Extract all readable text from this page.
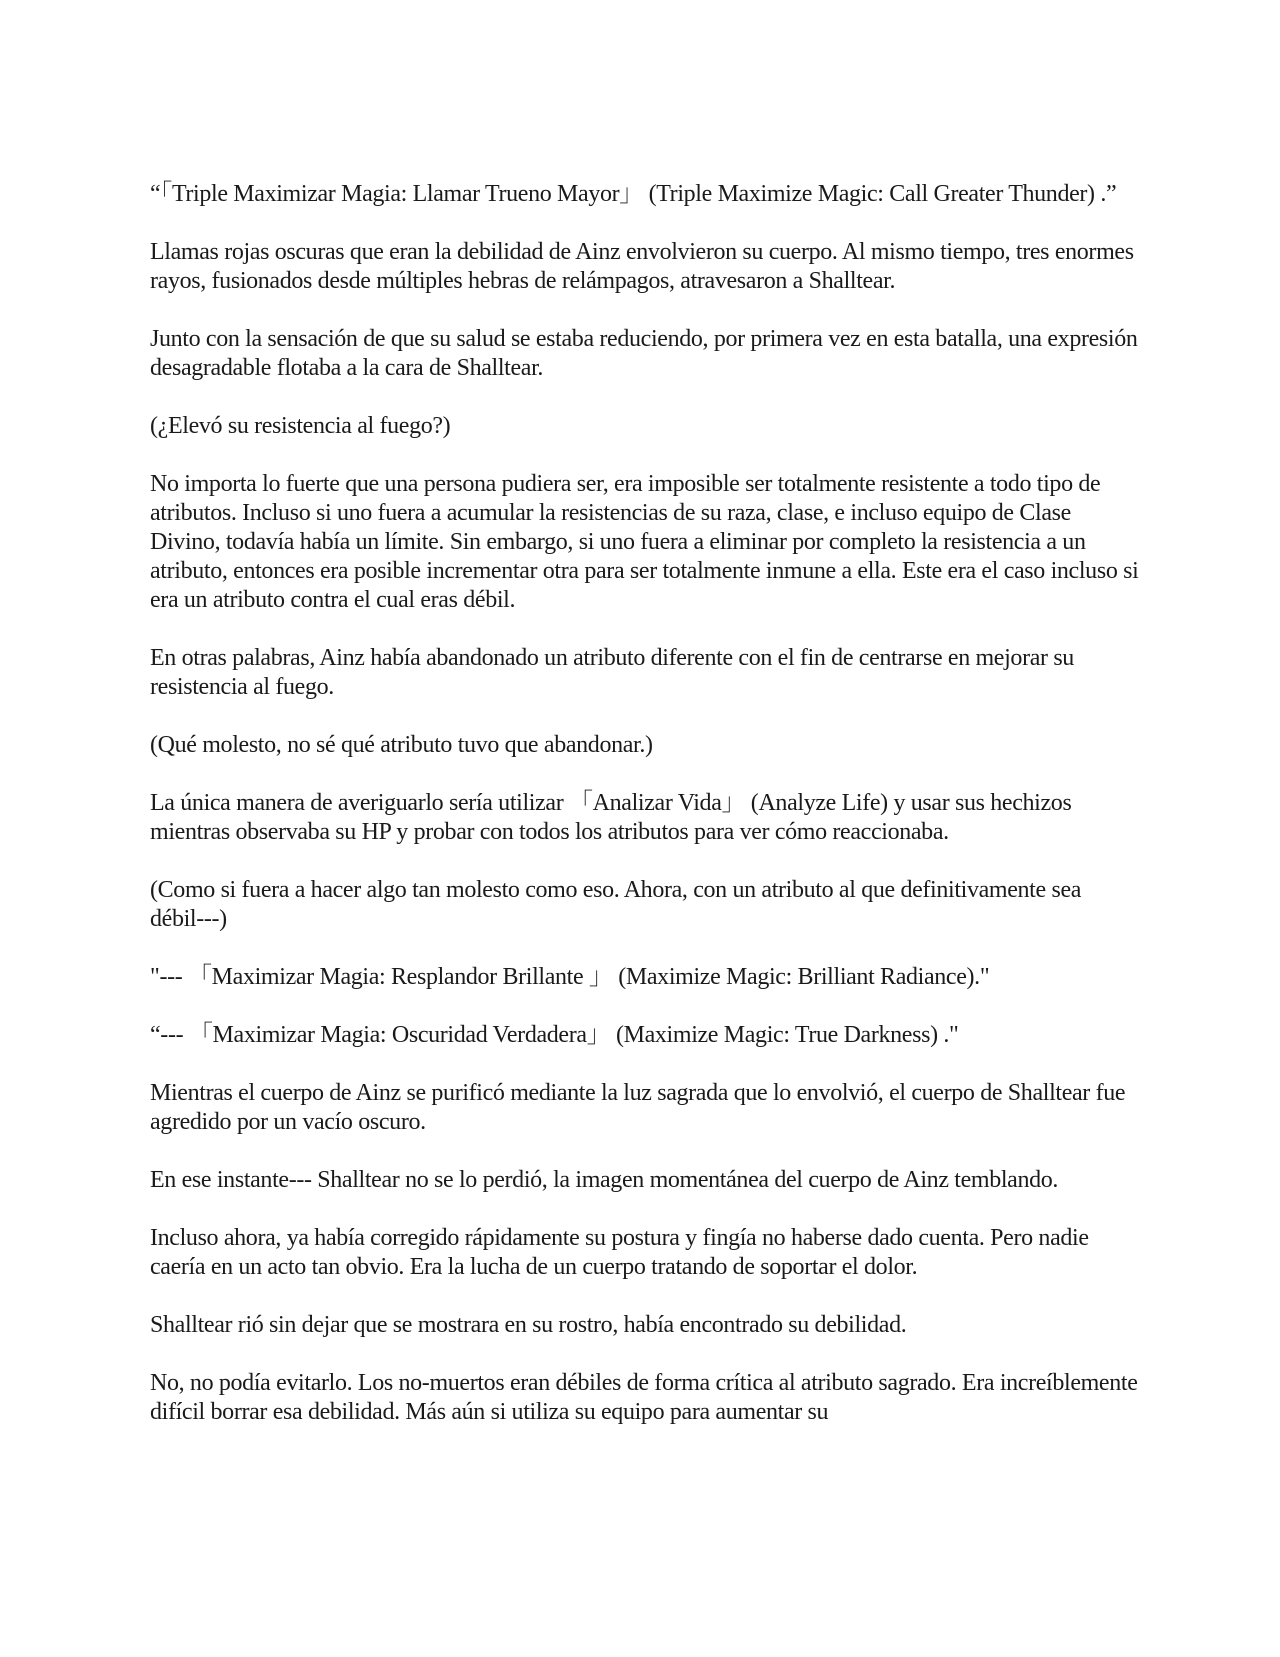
“「Triple Maximizar Magia: Llamar Trueno Mayor」 (Triple Maximize Magic: Call Greater Thunder) .”

Llamas rojas oscuras que eran la debilidad de Ainz envolvieron su cuerpo. Al mismo tiempo, tres enormes rayos, fusionados desde múltiples hebras de relámpagos, atravesaron a Shalltear.

Junto con la sensación de que su salud se estaba reduciendo, por primera vez en esta batalla, una expresión desagradable flotaba a la cara de Shalltear.

(¿Elevó su resistencia al fuego?)

No importa lo fuerte que una persona pudiera ser, era imposible ser totalmente resistente a todo tipo de atributos. Incluso si uno fuera a acumular la resistencias de su raza, clase, e incluso equipo de Clase Divino, todavía había un límite. Sin embargo, si uno fuera a eliminar por completo la resistencia a un atributo, entonces era posible incrementar otra para ser totalmente inmune a ella. Este era el caso incluso si era un atributo contra el cual eras débil.

En otras palabras, Ainz había abandonado un atributo diferente con el fin de centrarse en mejorar su resistencia al fuego.

(Qué molesto, no sé qué atributo tuvo que abandonar.)

La única manera de averiguarlo sería utilizar 「Analizar Vida」 (Analyze Life) y usar sus hechizos mientras observaba su HP y probar con todos los atributos para ver cómo reaccionaba.

(Como si fuera a hacer algo tan molesto como eso. Ahora, con un atributo al que definitivamente sea débil---)

"--- 「Maximizar Magia: Resplandor Brillante 」 (Maximize Magic: Brilliant Radiance)."

“--- 「Maximizar Magia: Oscuridad Verdadera」 (Maximize Magic: True Darkness) ."

Mientras el cuerpo de Ainz se purificó mediante la luz sagrada que lo envolvió, el cuerpo de Shalltear fue agredido por un vacío oscuro.

En ese instante--- Shalltear no se lo perdió, la imagen momentánea del cuerpo de Ainz temblando.

Incluso ahora, ya había corregido rápidamente su postura y fingía no haberse dado cuenta. Pero nadie caería en un acto tan obvio. Era la lucha de un cuerpo tratando de soportar el dolor.

Shalltear rió sin dejar que se mostrara en su rostro, había encontrado su debilidad.

No, no podía evitarlo. Los no-muertos eran débiles de forma crítica al atributo sagrado. Era increíblemente difícil borrar esa debilidad. Más aún si utiliza su equipo para aumentar su
